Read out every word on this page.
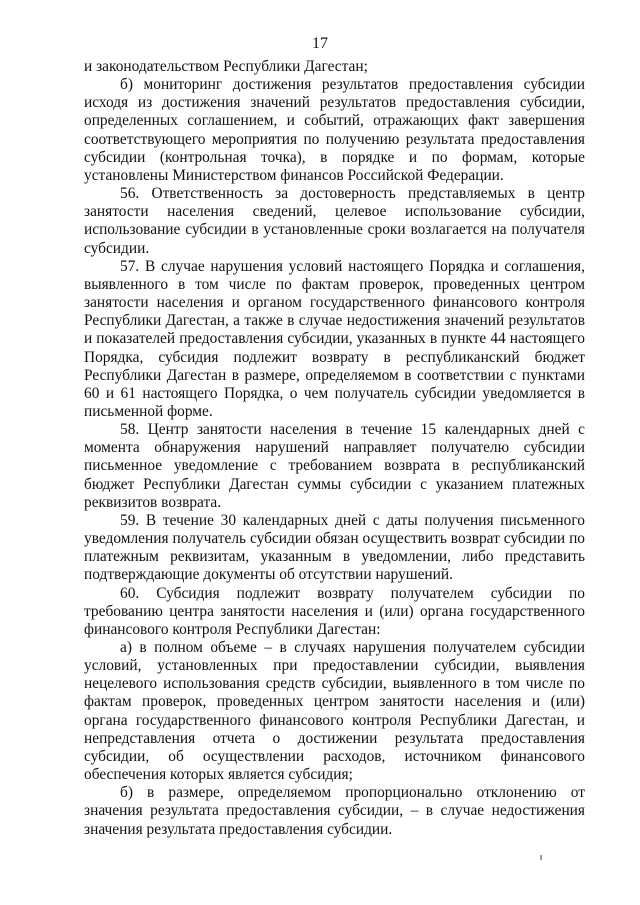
17

и законодательством Республики Дагестан;

б) мониторинг достижения результатов предоставления субсидии исходя из достижения значений результатов предоставления субсидии, определенных соглашением, и событий, отражающих факт завершения соответствующего мероприятия по получению результата предоставления субсидии (контрольная точка), в порядке и по формам, которые установлены Министерством финансов Российской Федерации.

56. Ответственность за достоверность представляемых в центр занятости населения сведений, целевое использование субсидии, использование субсидии в установленные сроки возлагается на получателя субсидии.

57. В случае нарушения условий настоящего Порядка и соглашения, выявленного в том числе по фактам проверок, проведенных центром занятости населения и органом государственного финансового контроля Республики Дагестан, а также в случае недостижения значений результатов и показателей предоставления субсидии, указанных в пункте 44 настоящего Порядка, субсидия подлежит возврату в республиканский бюджет Республики Дагестан в размере, определяемом в соответствии с пунктами 60 и 61 настоящего Порядка, о чем получатель субсидии уведомляется в письменной форме.

58. Центр занятости населения в течение 15 календарных дней с момента обнаружения нарушений направляет получателю субсидии письменное уведомление с требованием возврата в республиканский бюджет Республики Дагестан суммы субсидии с указанием платежных реквизитов возврата.

59. В течение 30 календарных дней с даты получения письменного уведомления получатель субсидии обязан осуществить возврат субсидии по платежным реквизитам, указанным в уведомлении, либо представить подтверждающие документы об отсутствии нарушений.

60. Субсидия подлежит возврату получателем субсидии по требованию центра занятости населения и (или) органа государственного финансового контроля Республики Дагестан:

а) в полном объеме – в случаях нарушения получателем субсидии условий, установленных при предоставлении субсидии, выявления нецелевого использования средств субсидии, выявленного в том числе по фактам проверок, проведенных центром занятости населения и (или) органа государственного финансового контроля Республики Дагестан, и непредставления отчета о достижении результата предоставления субсидии, об осуществлении расходов, источником финансового обеспечения которых является субсидия;

б) в размере, определяемом пропорционально отклонению от значения результата предоставления субсидии, – в случае недостижения значения результата предоставления субсидии.
